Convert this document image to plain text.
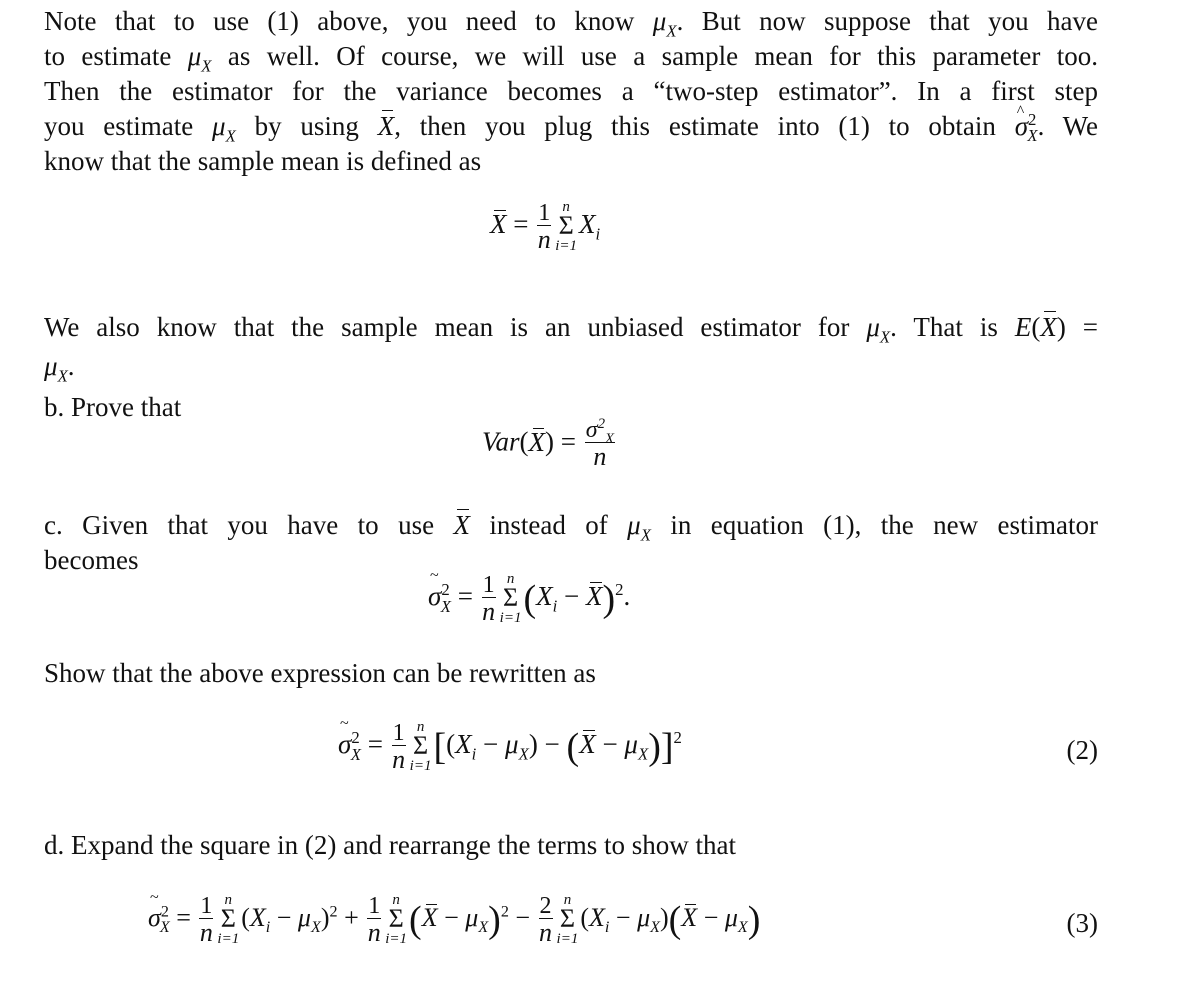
Note that to use (1) above, you need to know $\mu_X$. But now suppose that you have
to estimate $\mu_X$ as well. Of course, we will use a sample mean for this parameter too.
Then the estimator for the variance becomes a “two-step estimator”. In a first step
you estimate $\mu_X$ by using X, then you plug this estimate into (1) to obtain σ ^$^2_X$. We
know that the sample mean is defined as
$X = \frac{1}{n}$ n
Σ
i=1
$X_i$
We also know that the sample mean is an unbiased estimator for $\mu_X$. That is E(X) =
$\mu_X$.

b. Prove that

$Var(X) = \frac{\sigma^2_X}{n}$
c. Given that you have to use X instead of $\mu_X$ in equation (1), the new estimator
becomes
σ ~$^2_X$ = $\frac{1}{n}$ n
Σ
i=1 $(X_i - X)^2$.

Show that the above expression can be rewritten as

σ ~$^2_X$ = $\frac{1}{n}$ n
Σ
i=1 $[(X_i - \mu_X) - (X - \mu_X)]^2$	(2)

d. Expand the square in (2) and rearrange the terms to show that

σ ~$^2_X$ = $\frac{1}{n}$ n
Σ
i=1
$(X_i - \mu_X)^2 + \frac{1}{n}$ n
Σ
i=1 $(X - \mu_X)^2 - \frac{2}{n}$ n
Σ
i=1
$(X_i - \mu_X)(X - \mu_X)$	(3)
